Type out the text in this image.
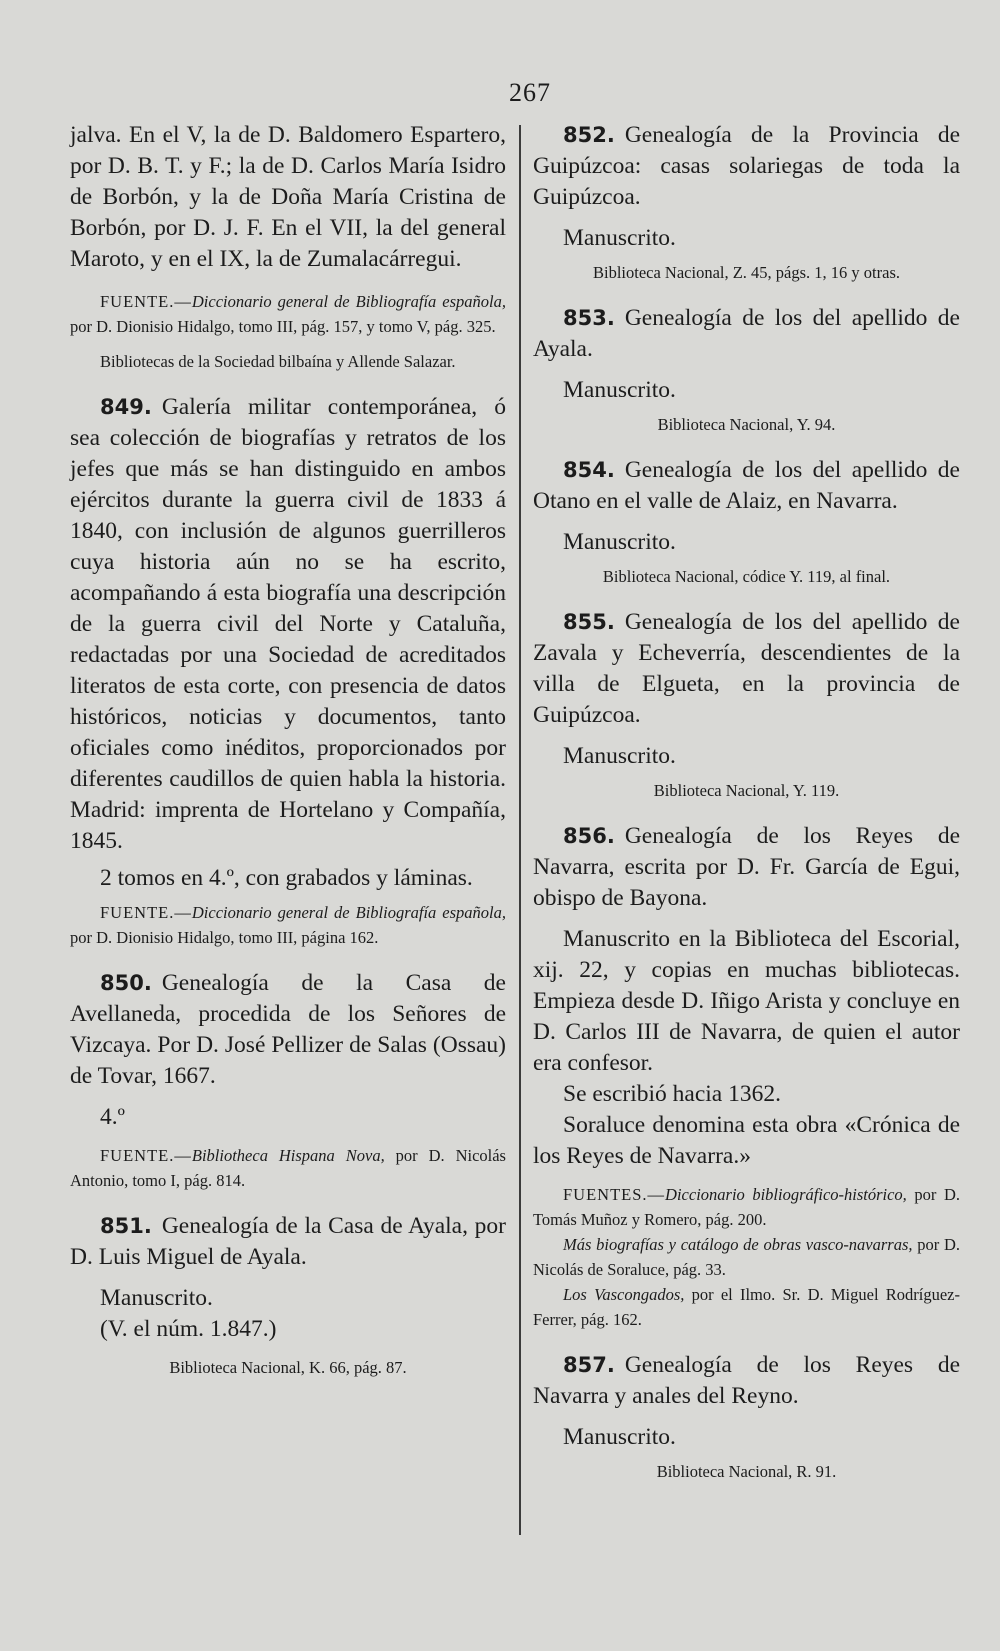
267

jalva. En el V, la de D. Baldomero Espartero, por D. B. T. y F.; la de D. Carlos María Isidro de Borbón, y la de Doña María Cristina de Borbón, por D. J. F. En el VII, la del general Maroto, y en el IX, la de Zumalacárregui.

FUENTE.—Diccionario general de Bibliografía española, por D. Dionisio Hidalgo, tomo III, pág. 157, y tomo V, pág. 325.

Bibliotecas de la Sociedad bilbaína y Allende Salazar.

849. Galería militar contemporánea, ó sea colección de biografías y retratos de los jefes que más se han distinguido en ambos ejércitos durante la guerra civil de 1833 á 1840, con inclusión de algunos guerrilleros cuya historia aún no se ha escrito, acompañando á esta biografía una descripción de la guerra civil del Norte y Cataluña, redactadas por una Sociedad de acreditados literatos de esta corte, con presencia de datos históricos, noticias y documentos, tanto oficiales como inéditos, proporcionados por diferentes caudillos de quien habla la historia. Madrid: imprenta de Hortelano y Compañía, 1845.

2 tomos en 4.º, con grabados y láminas.

FUENTE.—Diccionario general de Bibliografía española, por D. Dionisio Hidalgo, tomo III, página 162.

850. Genealogía de la Casa de Avellaneda, procedida de los Señores de Vizcaya. Por D. José Pellizer de Salas (Ossau) de Tovar, 1667.

4.º

FUENTE.—Bibliotheca Hispana Nova, por D. Nicolás Antonio, tomo I, pág. 814.

851. Genealogía de la Casa de Ayala, por D. Luis Miguel de Ayala.

Manuscrito.

(V. el núm. 1.847.)

Biblioteca Nacional, K. 66, pág. 87.

852. Genealogía de la Provincia de Guipúzcoa: casas solariegas de toda la Guipúzcoa.

Manuscrito.

Biblioteca Nacional, Z. 45, págs. 1, 16 y otras.

853. Genealogía de los del apellido de Ayala.

Manuscrito.

Biblioteca Nacional, Y. 94.

854. Genealogía de los del apellido de Otano en el valle de Alaiz, en Navarra.

Manuscrito.

Biblioteca Nacional, códice Y. 119, al final.

855. Genealogía de los del apellido de Zavala y Echeverría, descendientes de la villa de Elgueta, en la provincia de Guipúzcoa.

Manuscrito.

Biblioteca Nacional, Y. 119.

856. Genealogía de los Reyes de Navarra, escrita por D. Fr. García de Egui, obispo de Bayona.

Manuscrito en la Biblioteca del Escorial, xij. 22, y copias en muchas bibliotecas. Empieza desde D. Iñigo Arista y concluye en D. Carlos III de Navarra, de quien el autor era confesor.

Se escribió hacia 1362.

Soraluce denomina esta obra «Crónica de los Reyes de Navarra.»

FUENTES.—Diccionario bibliográfico-histórico, por D. Tomás Muñoz y Romero, pág. 200.

Más biografías y catálogo de obras vasco-navarras, por D. Nicolás de Soraluce, pág. 33.

Los Vascongados, por el Ilmo. Sr. D. Miguel Rodríguez-Ferrer, pág. 162.

857. Genealogía de los Reyes de Navarra y anales del Reyno.

Manuscrito.

Biblioteca Nacional, R. 91.
